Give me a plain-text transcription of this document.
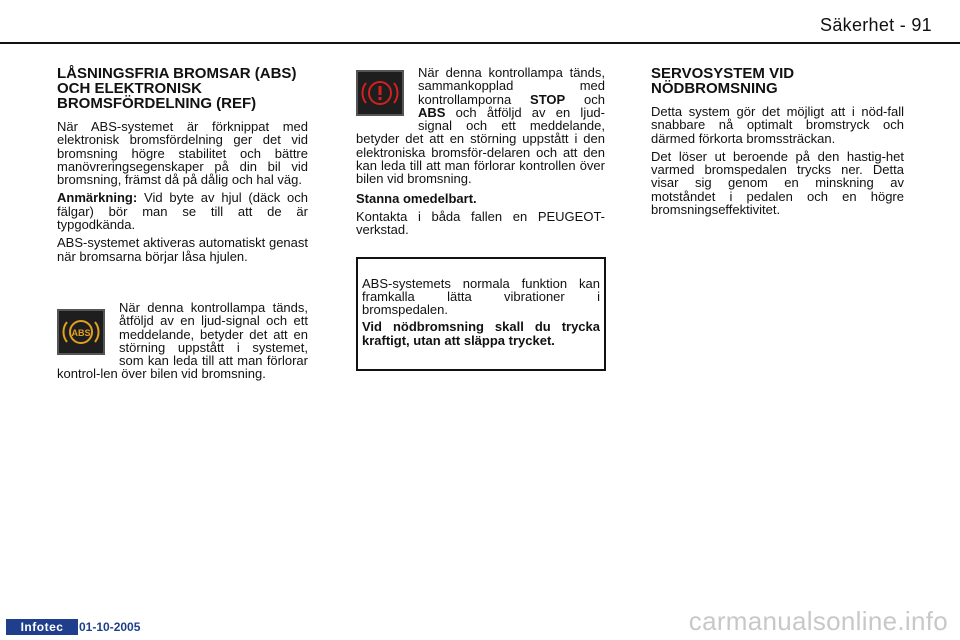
Säkerhet - 91
LÅSNINGSFRIA BROMSAR (ABS) OCH ELEKTRONISK BROMSFÖRDELNING (REF)

När ABS-systemet är förknippat med elektronisk bromsfördelning ger det vid bromsning högre stabilitet och bättre manövreringsegenskaper på din bil vid bromsning, främst då på dålig och hal väg.

Anmärkning: Vid byte av hjul (däck och fälgar) bör man se till att de är typgodkända.

ABS-systemet aktiveras automatiskt genast när bromsarna börjar låsa hjulen.

ABS

När denna kontrollampa tänds, åtföljd av en ljud-signal och ett meddelande, betyder det att en störning uppstått i systemet, som kan leda till att man förlorar kontrol-len över bilen vid bromsning.

När denna kontrollampa tänds, sammankopplad med kontrollamporna STOP och ABS och åtföljd av en ljud-signal och ett meddelande, betyder det att en störning uppstått i den elektroniska bromsför-delaren och att den kan leda till att man förlorar kontrollen över bilen vid bromsning.

Stanna omedelbart.

Kontakta i båda fallen en PEUGEOT-verkstad.

ABS-systemets normala funktion kan framkalla lätta vibrationer i bromspedalen.

Vid nödbromsning skall du trycka kraftigt, utan att släppa trycket.

SERVOSYSTEM VID NÖDBROMSNING

Detta system gör det möjligt att i nöd-fall snabbare nå optimalt bromstryck och därmed förkorta bromssträckan.

Det löser ut beroende på den hastig-het varmed bromspedalen trycks ner. Detta visar sig genom en minskning av motståndet i pedalen och en högre bromsningseffektivitet.

Infotec	01-10-2005	carmanualsonline.info
